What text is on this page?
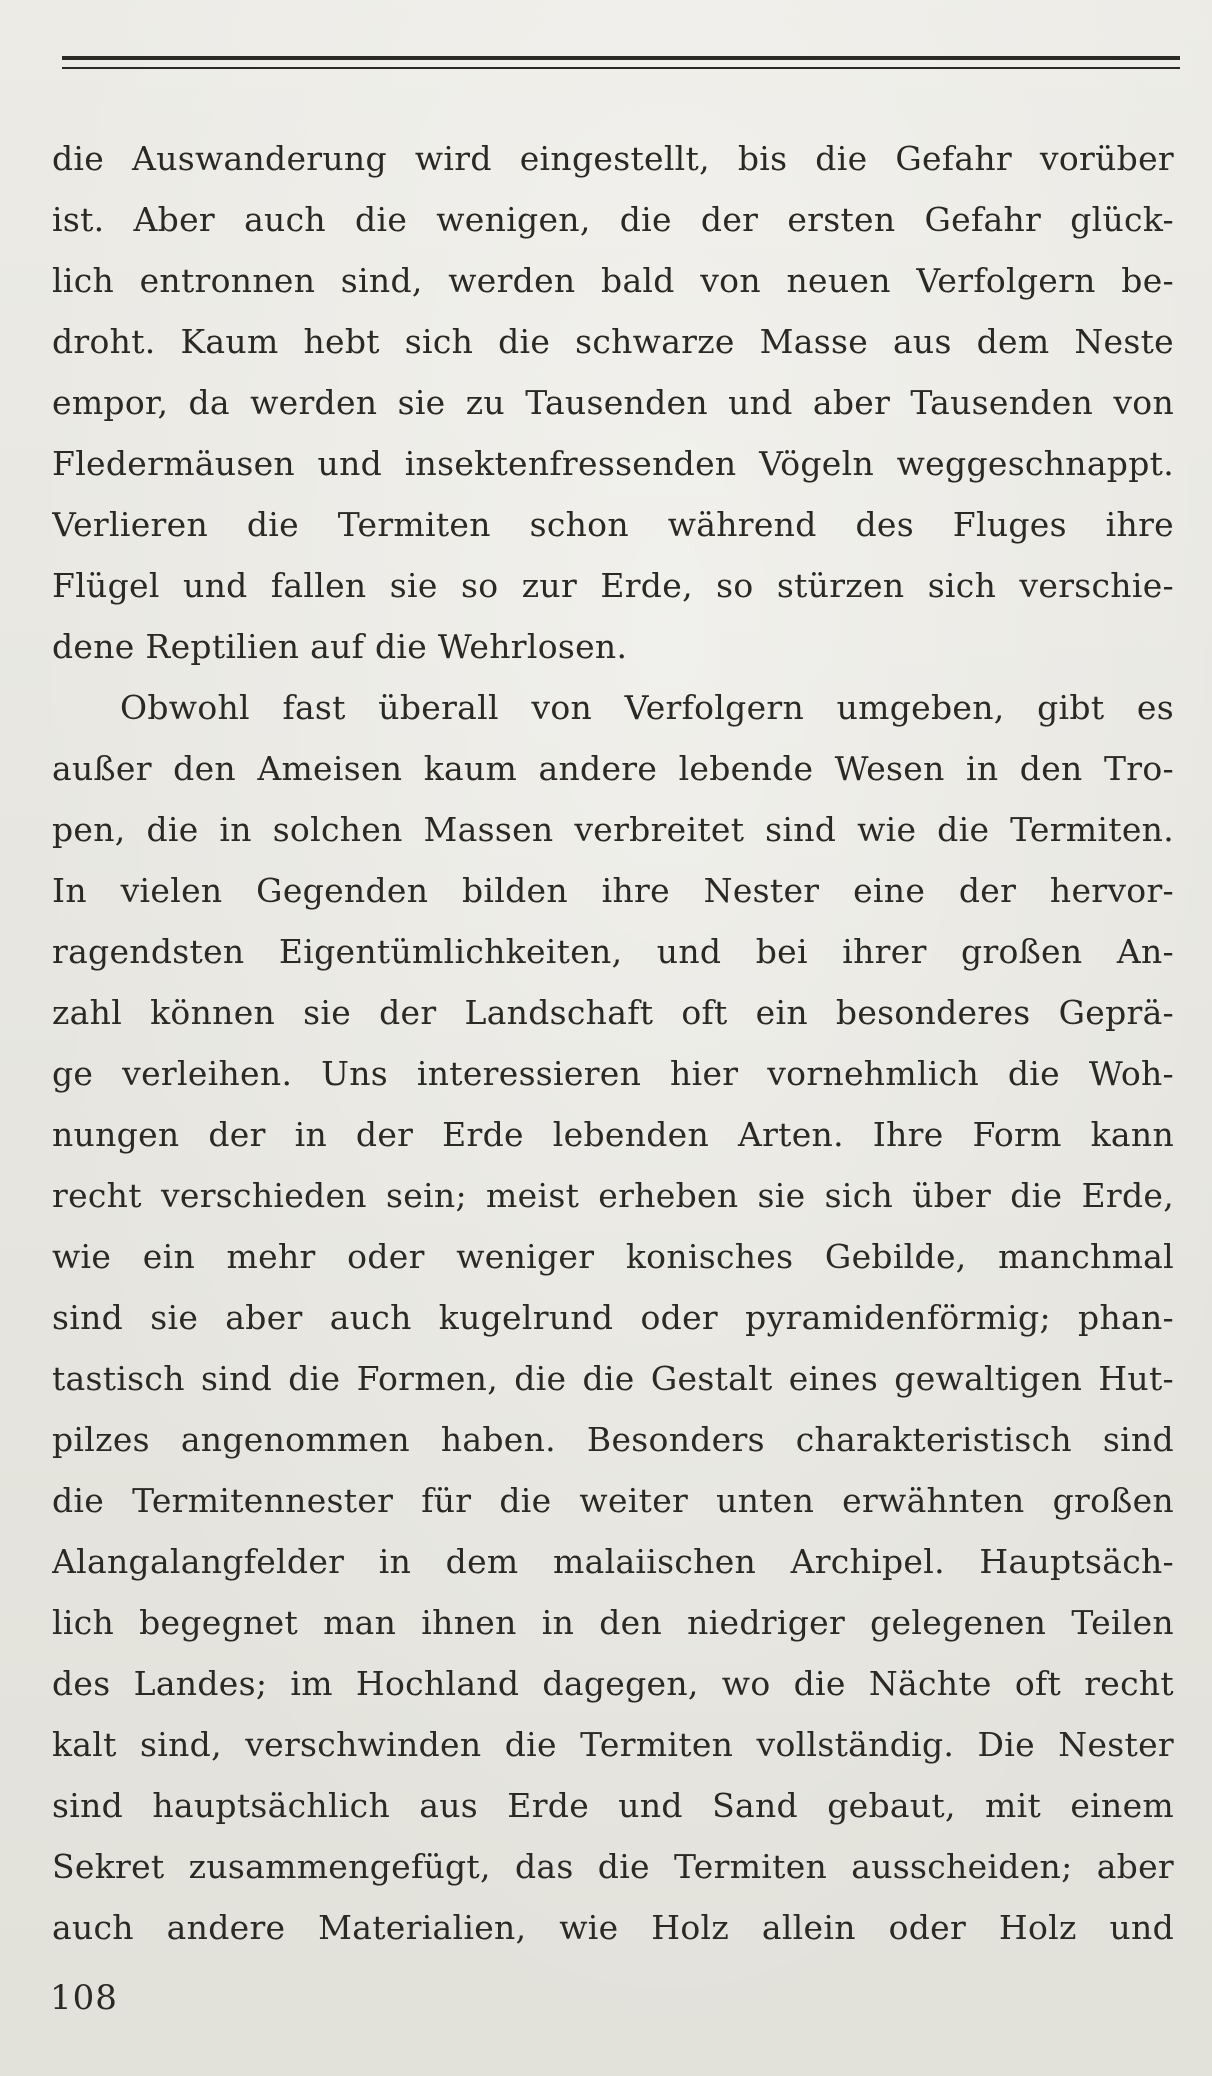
die Auswanderung wird eingestellt, bis die Gefahr vorüber
ist. Aber auch die wenigen, die der ersten Gefahr glück-
lich entronnen sind, werden bald von neuen Verfolgern be-
droht. Kaum hebt sich die schwarze Masse aus dem Neste
empor, da werden sie zu Tausenden und aber Tausenden von
Fledermäusen und insektenfressenden Vögeln weggeschnappt.
Verlieren die Termiten schon während des Fluges ihre
Flügel und fallen sie so zur Erde, so stürzen sich verschie-
dene Reptilien auf die Wehrlosen.
Obwohl fast überall von Verfolgern umgeben, gibt es
außer den Ameisen kaum andere lebende Wesen in den Tro-
pen, die in solchen Massen verbreitet sind wie die Termiten.
In vielen Gegenden bilden ihre Nester eine der hervor-
ragendsten Eigentümlichkeiten, und bei ihrer großen An-
zahl können sie der Landschaft oft ein besonderes Geprä-
ge verleihen. Uns interessieren hier vornehmlich die Woh-
nungen der in der Erde lebenden Arten. Ihre Form kann
recht verschieden sein; meist erheben sie sich über die Erde,
wie ein mehr oder weniger konisches Gebilde, manchmal
sind sie aber auch kugelrund oder pyramidenförmig; phan-
tastisch sind die Formen, die die Gestalt eines gewaltigen Hut-
pilzes angenommen haben. Besonders charakteristisch sind
die Termitennester für die weiter unten erwähnten großen
Alangalangfelder in dem malaiischen Archipel. Hauptsäch-
lich begegnet man ihnen in den niedriger gelegenen Teilen
des Landes; im Hochland dagegen, wo die Nächte oft recht
kalt sind, verschwinden die Termiten vollständig. Die Nester
sind hauptsächlich aus Erde und Sand gebaut, mit einem
Sekret zusammengefügt, das die Termiten ausscheiden; aber
auch andere Materialien, wie Holz allein oder Holz und
108
